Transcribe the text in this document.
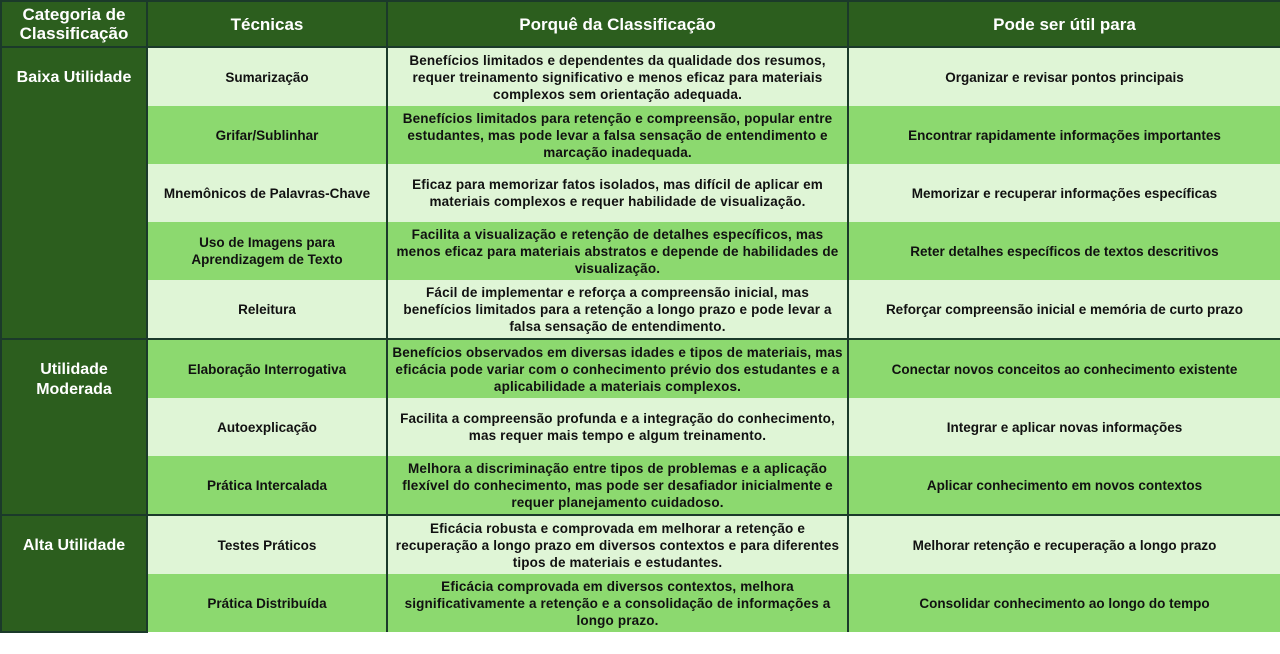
Categoria de Classificação	Técnicas	Porquê da Classificação	Pode ser útil para
Baixa Utilidade	Sumarização	Benefícios limitados e dependentes da qualidade dos resumos, requer treinamento significativo e menos eficaz para materiais complexos sem orientação adequada.	Organizar e revisar pontos principais
	Grifar/Sublinhar	Benefícios limitados para retenção e compreensão, popular entre estudantes, mas pode levar a falsa sensação de entendimento e marcação inadequada.	Encontrar rapidamente informações importantes
	Mnemônicos de Palavras-Chave	Eficaz para memorizar fatos isolados, mas difícil de aplicar em materiais complexos e requer habilidade de visualização.	Memorizar e recuperar informações específicas
	Uso de Imagens para Aprendizagem de Texto	Facilita a visualização e retenção de detalhes específicos, mas menos eficaz para materiais abstratos e depende de habilidades de visualização.	Reter detalhes específicos de textos descritivos
	Releitura	Fácil de implementar e reforça a compreensão inicial, mas benefícios limitados para a retenção a longo prazo e pode levar a falsa sensação de entendimento.	Reforçar compreensão inicial e memória de curto prazo
Utilidade Moderada	Elaboração Interrogativa	Benefícios observados em diversas idades e tipos de materiais, mas eficácia pode variar com o conhecimento prévio dos estudantes e a aplicabilidade a materiais complexos.	Conectar novos conceitos ao conhecimento existente
	Autoexplicação	Facilita a compreensão profunda e a integração do conhecimento, mas requer mais tempo e algum treinamento.	Integrar e aplicar novas informações
	Prática Intercalada	Melhora a discriminação entre tipos de problemas e a aplicação flexível do conhecimento, mas pode ser desafiador inicialmente e requer planejamento cuidadoso.	Aplicar conhecimento em novos contextos
Alta Utilidade	Testes Práticos	Eficácia robusta e comprovada em melhorar a retenção e recuperação a longo prazo em diversos contextos e para diferentes tipos de materiais e estudantes.	Melhorar retenção e recuperação a longo prazo
	Prática Distribuída	Eficácia comprovada em diversos contextos, melhora significativamente a retenção e a consolidação de informações a longo prazo.	Consolidar conhecimento ao longo do tempo
